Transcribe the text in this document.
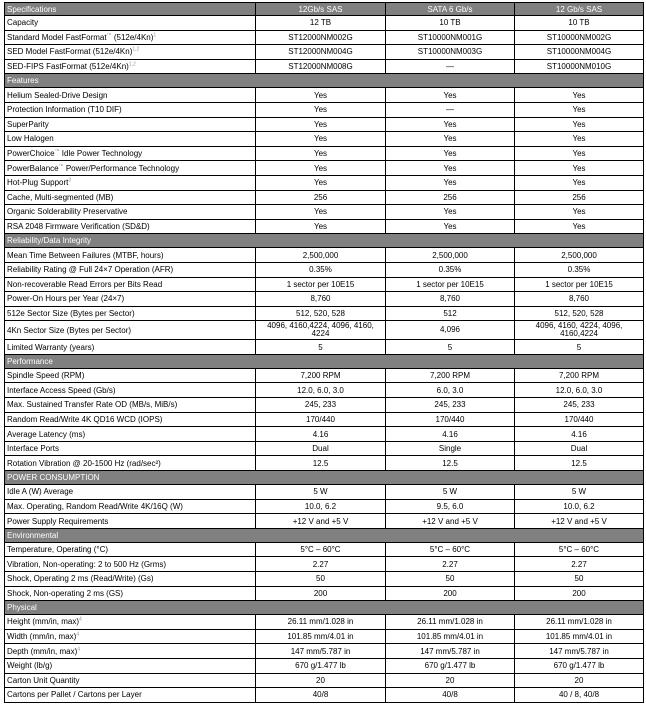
Specifications	12Gb/s SAS	SATA 6 Gb/s	12 Gb/s SAS
Capacity	12 TB	10 TB	10 TB
Standard Model FastFormat™ $(512e/4Kn)^1$	ST12000NM002G	ST10000NM001G	ST10000NM002G
SED Model FastFormat $(512e/4Kn)^{1,2}$	ST12000NM004G	ST10000NM003G	ST10000NM004G
SED-FIPS FastFormat $(512e/4Kn)^{1,2}$	ST12000NM008G	—	ST10000NM010G
Features			
Helium Sealed-Drive Design	Yes	Yes	Yes
Protection Information (T10 DIF)	Yes	—	Yes
SuperParity	Yes	Yes	Yes
Low Halogen	Yes	Yes	Yes
PowerChoice™ Idle Power Technology	Yes	Yes	Yes
PowerBalance™ Power/Performance Technology	Yes	Yes	Yes
Hot-Plug Support$^3$	Yes	Yes	Yes
Cache, Multi-segmented (MB)	256	256	256
Organic Solderability Preservative	Yes	Yes	Yes
RSA 2048 Firmware Verification (SD&D)	Yes	Yes	Yes
Reliability/Data Integrity			
Mean Time Between Failures (MTBF, hours)	2,500,000	2,500,000	2,500,000
Reliability Rating @ Full 24×7 Operation (AFR)	0.35%	0.35%	0.35%
Non-recoverable Read Errors per Bits Read	1 sector per 10E15	1 sector per 10E15	1 sector per 10E15
Power-On Hours per Year (24×7)	8,760	8,760	8,760
512e Sector Size (Bytes per Sector)	512, 520, 528	512	512, 520, 528
4Kn Sector Size (Bytes per Sector)	4096, 4160,4224, 4096, 4160, 4224	4,096	4096, 4160, 4224, 4096, 4160,4224
Limited Warranty (years)	5	5	5
Performance			
Spindle Speed (RPM)	7,200 RPM	7,200 RPM	7,200 RPM
Interface Access Speed (Gb/s)	12.0, 6.0, 3.0	6.0, 3.0	12.0, 6.0, 3.0
Max. Sustained Transfer Rate OD (MB/s, MiB/s)	245, 233	245, 233	245, 233
Random Read/Write 4K QD16 WCD (IOPS)	170/440	170/440	170/440
Average Latency (ms)	4.16	4.16	4.16
Interface Ports	Dual	Single	Dual
Rotation Vibration @ 20-1500 Hz (rad/sec²)	12.5	12.5	12.5
POWER CONSUMPTION			
Idle A (W) Average	5 W	5 W	5 W
Max. Operating, Random Read/Write 4K/16Q (W)	10.0, 6.2	9.5, 6.0	10.0, 6.2
Power Supply Requirements	+12 V and +5 V	+12 V and +5 V	+12 V and +5 V
Environmental			
Temperature, Operating (°C)	5°C – 60°C	5°C – 60°C	5°C – 60°C
Vibration, Non-operating: 2 to 500 Hz (Grms)	2.27	2.27	2.27
Shock, Operating 2 ms (Read/Write) (Gs)	50	50	50
Shock, Non-operating 2 ms (GS)	200	200	200
Physical			
Height (mm/in, max)$^4$	26.11 mm/1.028 in	26.11 mm/1.028 in	26.11 mm/1.028 in
Width (mm/in, max)$^4$	101.85 mm/4.01 in	101.85 mm/4.01 in	101.85 mm/4.01 in
Depth (mm/in, max)$^4$	147 mm/5.787 in	147 mm/5.787 in	147 mm/5.787 in
Weight (lb/g)	670 g/1.477 lb	670 g/1.477 lb	670 g/1.477 lb
Carton Unit Quantity	20	20	20
Cartons per Pallet / Cartons per Layer	40/8	40/8	40 / 8, 40/8
